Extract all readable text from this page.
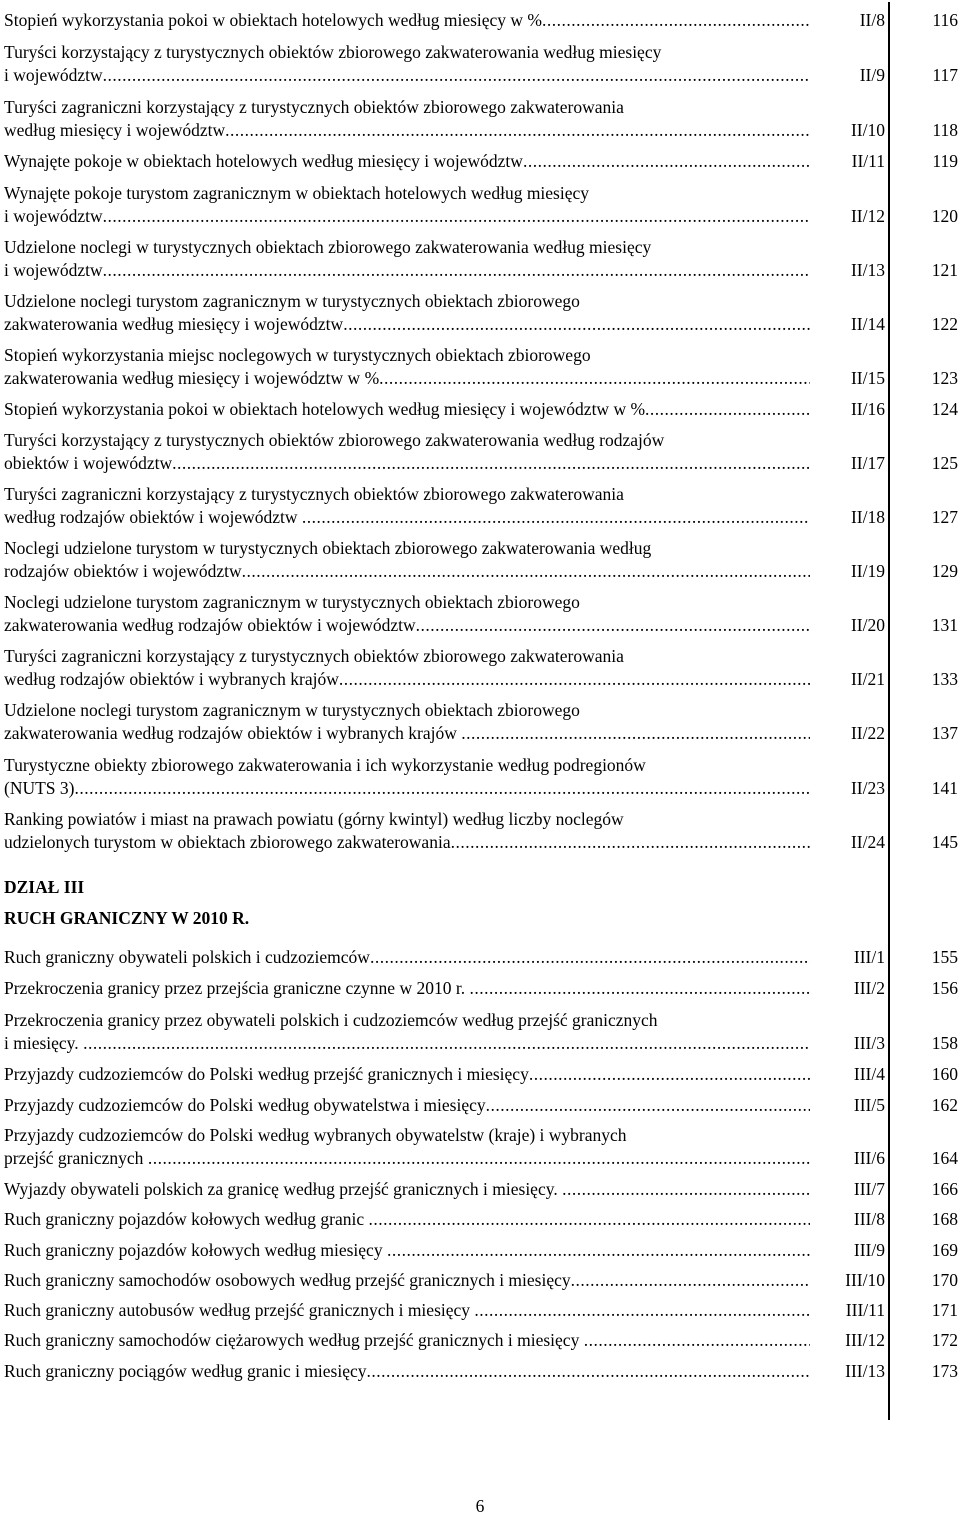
Stopień wykorzystania pokoi w obiektach hotelowych według miesięcy w % .....	II/8	116
Turyści korzystający z turystycznych obiektów zbiorowego zakwaterowania według miesięcy
i województw .....	II/9	117
Turyści zagraniczni korzystający z turystycznych obiektów zbiorowego zakwaterowania
według miesięcy i województw .....	II/10	118
Wynajęte pokoje w obiektach hotelowych według miesięcy i województw .....	II/11	119
Wynajęte pokoje turystom zagranicznym w obiektach hotelowych według miesięcy
i województw .....	II/12	120
Udzielone noclegi w turystycznych obiektach zbiorowego zakwaterowania według miesięcy
i województw .....	II/13	121
Udzielone noclegi turystom zagranicznym w turystycznych obiektach zbiorowego
zakwaterowania według miesięcy i województw .....	II/14	122
Stopień wykorzystania miejsc noclegowych w turystycznych obiektach zbiorowego
zakwaterowania według miesięcy i województw w % .....	II/15	123
Stopień wykorzystania pokoi w obiektach hotelowych według miesięcy i województw w % .....	II/16	124
Turyści korzystający z turystycznych obiektów zbiorowego zakwaterowania według rodzajów
obiektów i województw .....	II/17	125
Turyści zagraniczni korzystający z turystycznych obiektów zbiorowego zakwaterowania
według rodzajów obiektów i województw .....	II/18	127
Noclegi udzielone turystom w turystycznych obiektach zbiorowego zakwaterowania według
rodzajów obiektów i województw .....	II/19	129
Noclegi udzielone turystom zagranicznym w turystycznych obiektach zbiorowego
zakwaterowania według rodzajów obiektów i województw .....	II/20	131
Turyści zagraniczni korzystający z turystycznych obiektów zbiorowego zakwaterowania
według rodzajów obiektów i wybranych krajów .....	II/21	133
Udzielone noclegi turystom zagranicznym w turystycznych obiektach zbiorowego
zakwaterowania według rodzajów obiektów i wybranych krajów .....	II/22	137
Turystyczne obiekty zbiorowego zakwaterowania i ich wykorzystanie według podregionów
(NUTS 3) .....	II/23	141
Ranking powiatów i miast na prawach powiatu (górny kwintyl) według liczby noclegów
udzielonych turystom w obiektach zbiorowego zakwaterowania .....	II/24	145
DZIAŁ III
RUCH GRANICZNY W 2010 R.
Ruch graniczny obywateli polskich i cudzoziemców .....	III/1	155
Przekroczenia granicy przez przejścia graniczne czynne w 2010 r. .....	III/2	156
Przekroczenia granicy przez obywateli polskich i cudzoziemców według przejść granicznych
i miesięcy. .....	III/3	158
Przyjazdy cudzoziemców do Polski według przejść granicznych i miesięcy .....	III/4	160
Przyjazdy cudzoziemców do Polski według obywatelstwa i miesięcy .....	III/5	162
Przyjazdy cudzoziemców do Polski według wybranych obywatelstw (kraje) i wybranych
przejść granicznych .....	III/6	164
Wyjazdy obywateli polskich za granicę według przejść granicznych i miesięcy. .....	III/7	166
Ruch graniczny pojazdów kołowych według granic .....	III/8	168
Ruch graniczny pojazdów kołowych według miesięcy .....	III/9	169
Ruch graniczny samochodów osobowych według przejść granicznych i miesięcy .....	III/10	170
Ruch graniczny autobusów według przejść granicznych i miesięcy .....	III/11	171
Ruch graniczny samochodów ciężarowych według przejść granicznych i miesięcy .....	III/12	172
Ruch graniczny pociągów według granic i miesięcy .....	III/13	173
6
